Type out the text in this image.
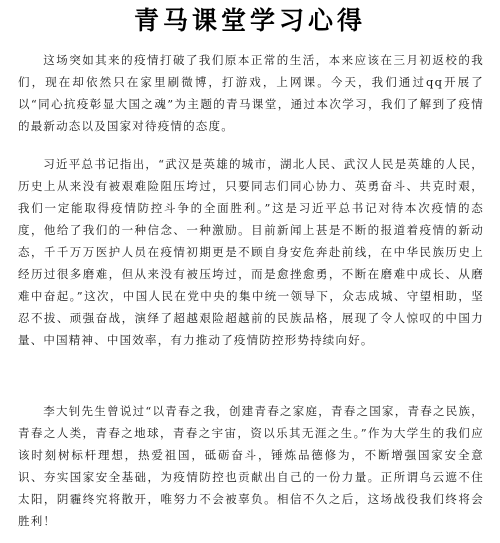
青马课堂学习心得

这场突如其来的疫情打破了我们原本正常的生活，本来应该在三月初返校的我们，现在却依然只在家里刷微博，打游戏，上网课。今天，我们通过qq开展了以“同心抗疫彰显大国之魂”为主题的青马课堂，通过本次学习，我们了解到了疫情的最新动态以及国家对待疫情的态度。

习近平总书记指出，“武汉是英雄的城市，湖北人民、武汉人民是英雄的人民，历史上从来没有被艰难险阻压垮过，只要同志们同心协力、英勇奋斗、共克时艰，我们一定能取得疫情防控斗争的全面胜利。”这是习近平总书记对待本次疫情的态度，他给了我们的一种信念、一种激励。目前新闻上甚是不断的报道着疫情的新动态，千千万万医护人员在疫情初期更是不顾自身安危奔赴前线，在中华民族历史上经历过很多磨难，但从来没有被压垮过，而是愈挫愈勇，不断在磨难中成长、从磨难中奋起。”这次，中国人民在党中央的集中统一领导下，众志成城、守望相助，坚忍不拔、顽强奋战，演绎了超越艰险超越前的民族品格，展现了令人惊叹的中国力量、中国精神、中国效率，有力推动了疫情防控形势持续向好。

李大钊先生曾说过“以青春之我，创建青春之家庭，青春之国家，青春之民族，青春之人类，青春之地球，青春之宇宙，资以乐其无涯之生。”作为大学生的我们应该时刻树标杆理想，热爱祖国，砥砺奋斗，锤炼品德修为，不断增强国家安全意识、夯实国家安全基础，为疫情防控也贡献出自己的一份力量。正所谓乌云遮不住太阳，阴霾终究将散开，唯努力不会被辜负。相信不久之后，这场战役我们终将会胜利！
